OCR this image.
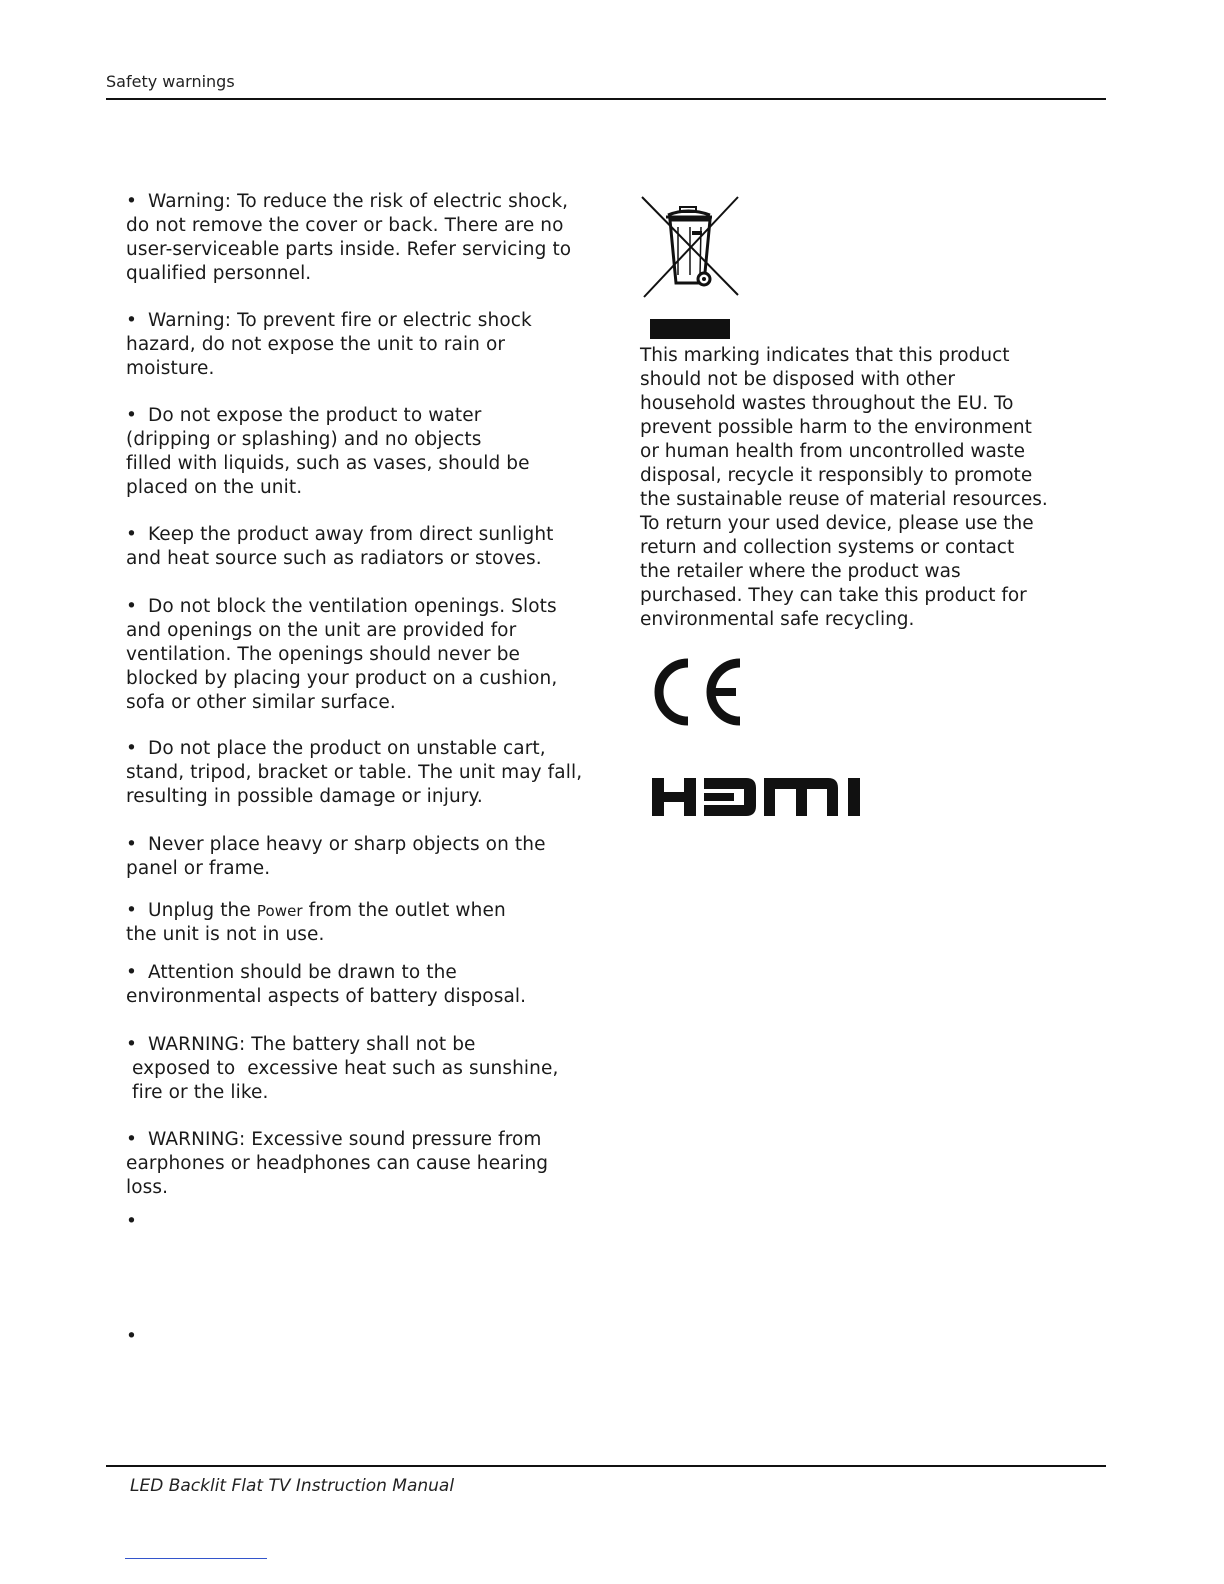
Safety warnings
• Warning: To reduce the risk of electric shock,
do not remove the cover or back. There are no
user-serviceable parts inside. Refer servicing to
qualified personnel.
• Warning: To prevent fire or electric shock
hazard, do not expose the unit to rain or
moisture.
• Do not expose the product to water
(dripping or splashing) and no objects
filled with liquids, such as vases, should be
placed on the unit.
• Keep the product away from direct sunlight
and heat source such as radiators or stoves.
• Do not block the ventilation openings. Slots
and openings on the unit are provided for
ventilation. The openings should never be
blocked by placing your product on a cushion,
sofa or other similar surface.
• Do not place the product on unstable cart,
stand, tripod, bracket or table. The unit may fall,
resulting in possible damage or injury.
• Never place heavy or sharp objects on the
panel or frame.
• Unplug the Power from the outlet when
the unit is not in use.
• Attention should be drawn to the
environmental aspects of battery disposal.
• WARNING: The battery shall not be
exposed to  excessive heat such as sunshine,
fire or the like.
• WARNING: Excessive sound pressure from
earphones or headphones can cause hearing
loss.
•
•
This marking indicates that this product
should not be disposed with other
household wastes throughout the EU. To
prevent possible harm to the environment
or human health from uncontrolled waste
disposal, recycle it responsibly to promote
the sustainable reuse of material resources.
To return your used device, please use the
return and collection systems or contact
the retailer where the product was
purchased. They can take this product for
environmental safe recycling.
LED Backlit Flat TV Instruction Manual
